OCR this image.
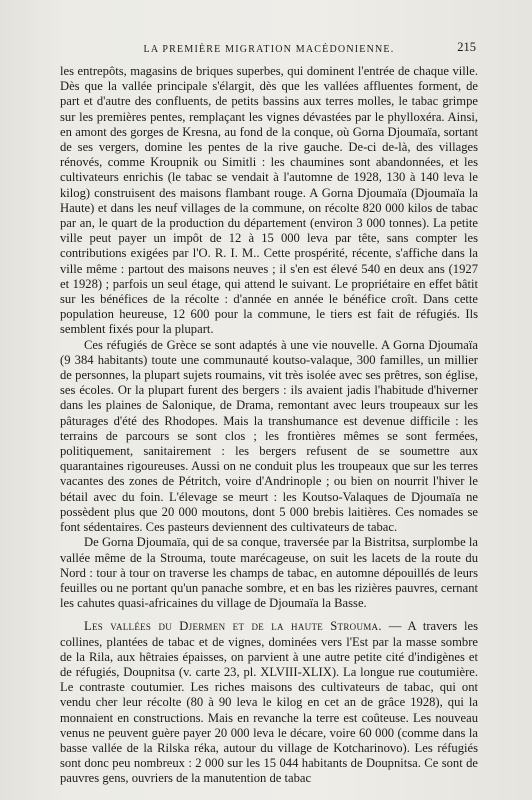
LA PREMIÈRE MIGRATION MACÉDONIENNE.	215

les entrepôts, magasins de briques superbes, qui dominent l'entrée de chaque ville. Dès que la vallée principale s'élargit, dès que les vallées affluentes forment, de part et d'autre des confluents, de petits bassins aux terres molles, le tabac grimpe sur les premières pentes, remplaçant les vignes dévastées par le phylloxéra. Ainsi, en amont des gorges de Kresna, au fond de la conque, où Gorna Djoumaïa, sortant de ses vergers, domine les pentes de la rive gauche. De-ci de-là, des villages rénovés, comme Kroupnik ou Simitli : les chaumines sont abandonnées, et les cultivateurs enrichis (le tabac se vendait à l'automne de 1928, 130 à 140 leva le kilog) construisent des maisons flambant rouge. A Gorna Djoumaïa (Djoumaïa la Haute) et dans les neuf villages de la commune, on récolte 820 000 kilos de tabac par an, le quart de la production du département (environ 3 000 tonnes). La petite ville peut payer un impôt de 12 à 15 000 leva par tête, sans compter les contributions exigées par l'O. R. I. M.. Cette prospérité, récente, s'affiche dans la ville même : partout des maisons neuves ; il s'en est élevé 540 en deux ans (1927 et 1928) ; parfois un seul étage, qui attend le suivant. Le propriétaire en effet bâtit sur les bénéfices de la récolte : d'année en année le bénéfice croît. Dans cette population heureuse, 12 600 pour la commune, le tiers est fait de réfugiés. Ils semblent fixés pour la plupart.

Ces réfugiés de Grèce se sont adaptés à une vie nouvelle. A Gorna Djoumaïa (9 384 habitants) toute une communauté koutso-valaque, 300 familles, un millier de personnes, la plupart sujets roumains, vit très isolée avec ses prêtres, son église, ses écoles. Or la plupart furent des bergers : ils avaient jadis l'habitude d'hiverner dans les plaines de Salonique, de Drama, remontant avec leurs troupeaux sur les pâturages d'été des Rhodopes. Mais la transhumance est devenue difficile : les terrains de parcours se sont clos ; les frontières mêmes se sont fermées, politiquement, sanitairement : les bergers refusent de se soumettre aux quarantaines rigoureuses. Aussi on ne conduit plus les troupeaux que sur les terres vacantes des zones de Pétritch, voire d'Andrinople ; ou bien on nourrit l'hiver le bétail avec du foin. L'élevage se meurt : les Koutso-Valaques de Djoumaïa ne possèdent plus que 20 000 moutons, dont 5 000 brebis laitières. Ces nomades se font sédentaires. Ces pasteurs deviennent des cultivateurs de tabac.

De Gorna Djoumaïa, qui de sa conque, traversée par la Bistritsa, surplombe la vallée même de la Strouma, toute marécageuse, on suit les lacets de la route du Nord : tour à tour on traverse les champs de tabac, en automne dépouillés de leurs feuilles ou ne portant qu'un panache sombre, et en bas les rizières pauvres, cernant les cahutes quasi-africaines du village de Djoumaïa la Basse.

Les vallées du Djermen et de la haute Strouma. — A travers les collines, plantées de tabac et de vignes, dominées vers l'Est par la masse sombre de la Rila, aux hêtraies épaisses, on parvient à une autre petite cité d'indigènes et de réfugiés, Doupnitsa (v. carte 23, pl. XLVIII-XLIX). La longue rue coutumière. Le contraste coutumier. Les riches maisons des cultivateurs de tabac, qui ont vendu cher leur récolte (80 à 90 leva le kilog en cet an de grâce 1928), qui la monnaient en constructions. Mais en revanche la terre est coûteuse. Les nouveau venus ne peuvent guère payer 20 000 leva le décare, voire 60 000 (comme dans la basse vallée de la Rilska réka, autour du village de Kotcharinovo). Les réfugiés sont donc peu nombreux : 2 000 sur les 15 044 habitants de Doupnitsa. Ce sont de pauvres gens, ouvriers de la manutention de tabac
